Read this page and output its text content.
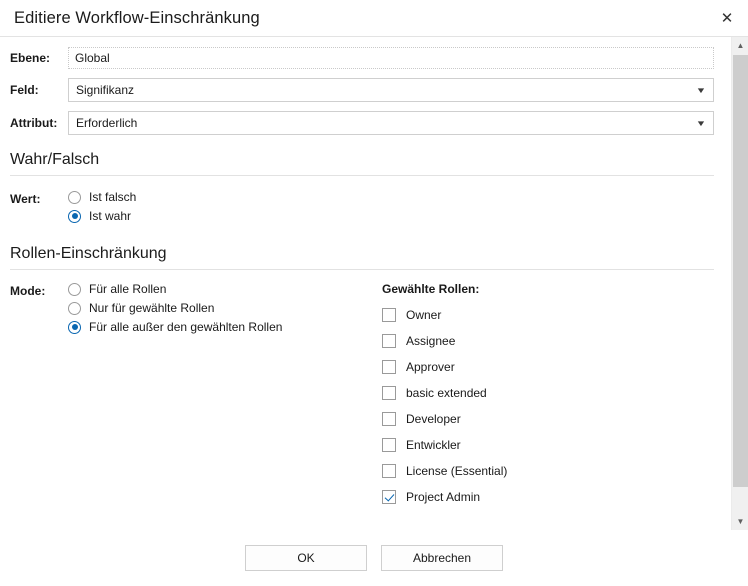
Editiere Workflow-Einschränkung	✕
Ebene:	Global
Feld:	Signifikanz	▼
Attribut:	Erforderlich	▼
Wahr/Falsch
Wert:	Ist falsch
Ist wahr
Rollen-Einschränkung
Mode:	Für alle Rollen
Nur für gewählte Rollen
Für alle außer den gewählten Rollen
Gewählte Rollen:
Owner
Assignee
Approver
basic extended
Developer
Entwickler
License (Essential)
Project Admin
▲
▼
OK	Abbrechen
